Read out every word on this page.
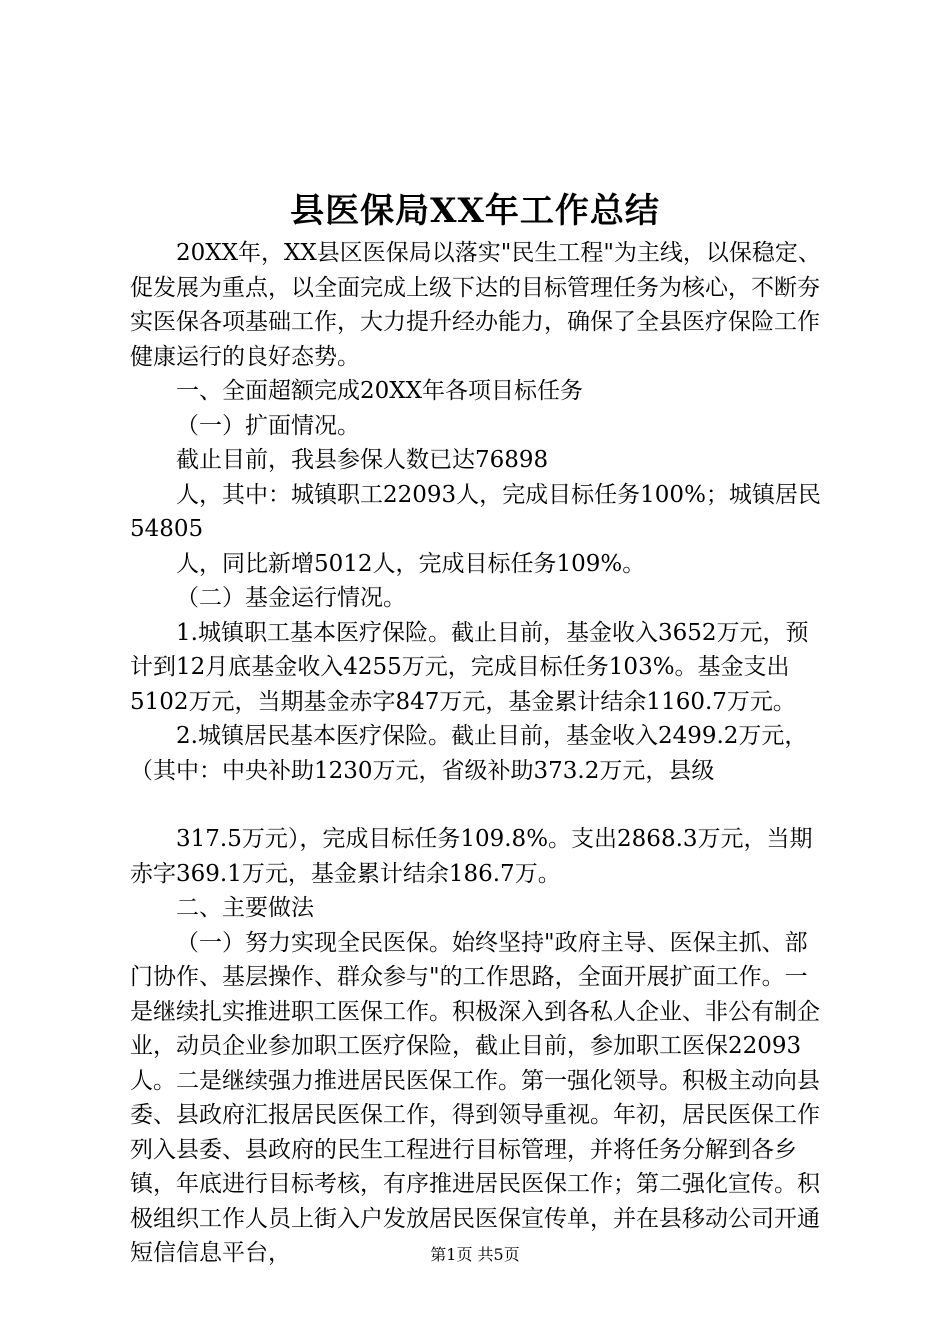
县医保局XX年工作总结

20XX年，XX县区医保局以落实"民生工程"为主线，以保稳定、促发展为重点，以全面完成上级下达的目标管理任务为核心，不断夯实医保各项基础工作，大力提升经办能力，确保了全县医疗保险工作健康运行的良好态势。

一、全面超额完成20XX年各项目标任务

（一）扩面情况。

截止目前，我县参保人数已达76898

人，其中：城镇职工22093人，完成目标任务100%；城镇居民54805

人，同比新增5012人，完成目标任务109%。

（二）基金运行情况。

1.城镇职工基本医疗保险。截止目前，基金收入3652万元，预计到12月底基金收入4255万元，完成目标任务103%。基金支出5102万元，当期基金赤字847万元，基金累计结余1160.7万元。

2.城镇居民基本医疗保险。截止目前，基金收入2499.2万元，（其中：中央补助1230万元，省级补助373.2万元，县级

317.5万元），完成目标任务109.8%。支出2868.3万元，当期赤字369.1万元，基金累计结余186.7万。

二、主要做法

（一）努力实现全民医保。始终坚持"政府主导、医保主抓、部门协作、基层操作、群众参与"的工作思路，全面开展扩面工作。一是继续扎实推进职工医保工作。积极深入到各私人企业、非公有制企业，动员企业参加职工医疗保险，截止目前，参加职工医保22093人。二是继续强力推进居民医保工作。第一强化领导。积极主动向县委、县政府汇报居民医保工作，得到领导重视。年初，居民医保工作列入县委、县政府的民生工程进行目标管理，并将任务分解到各乡镇，年底进行目标考核，有序推进居民医保工作；第二强化宣传。积极组织工作人员上街入户发放居民医保宣传单，并在县移动公司开通短信信息平台，	第1页 共5页
